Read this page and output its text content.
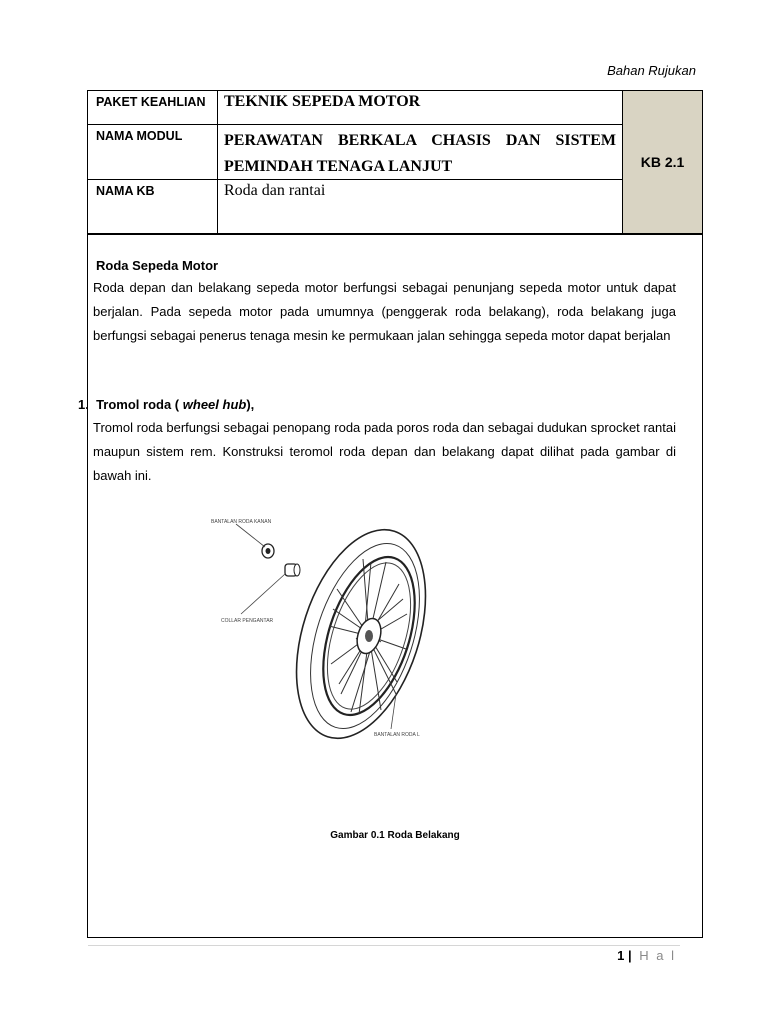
Bahan Rujukan
PAKET KEAHLIAN	TEKNIK SEPEDA MOTOR	KB 2.1
NAMA MODUL	PERAWATAN BERKALA CHASIS DAN SISTEM
PEMINDAH TENAGA LANJUT	

NAMA KB	Roda dan rantai	
Roda Sepeda Motor

Roda depan dan belakang sepeda motor berfungsi sebagai penunjang sepeda motor untuk dapat berjalan. Pada sepeda motor pada umumnya (penggerak roda belakang), roda belakang juga berfungsi sebagai penerus tenaga mesin ke permukaan jalan sehingga sepeda motor dapat berjalan

1. Tromol roda ( wheel hub),

Tromol roda berfungsi sebagai penopang roda pada poros roda dan sebagai dudukan sprocket rantai maupun sistem rem. Konstruksi teromol roda depan dan belakang dapat dilihat pada gambar di bawah ini.

BANTALAN RODA KANAN
COLLAR PENGANTAR
BANTALAN RODA L
Gambar 0.1 Roda Belakang
1 | H a l
